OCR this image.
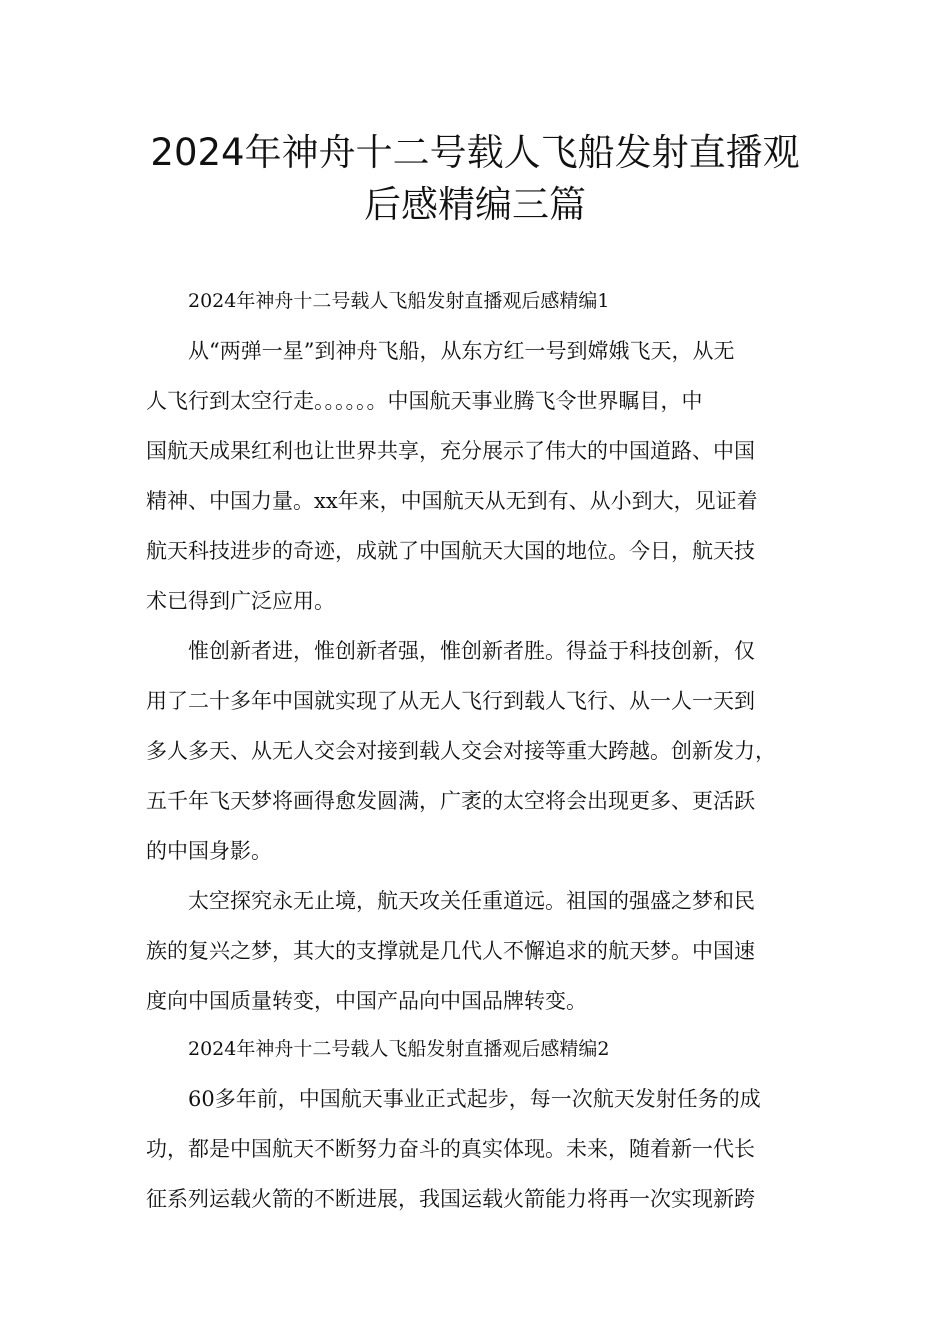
2024年神舟十二号载人飞船发射直播观
后感精编三篇
2024年神舟十二号载人飞船发射直播观后感精编1
从“两弹一星”到神舟飞船，从东方红一号到嫦娥飞天，从无
人飞行到太空行走。。。。。。中国航天事业腾飞令世界瞩目，中
国航天成果红利也让世界共享，充分展示了伟大的中国道路、中国
精神、中国力量。xx年来，中国航天从无到有、从小到大，见证着
航天科技进步的奇迹，成就了中国航天大国的地位。今日，航天技
术已得到广泛应用。
惟创新者进，惟创新者强，惟创新者胜。得益于科技创新，仅
用了二十多年中国就实现了从无人飞行到载人飞行、从一人一天到
多人多天、从无人交会对接到载人交会对接等重大跨越。创新发力，
五千年飞天梦将画得愈发圆满，广袤的太空将会出现更多、更活跃
的中国身影。
太空探究永无止境，航天攻关任重道远。祖国的强盛之梦和民
族的复兴之梦，其大的支撑就是几代人不懈追求的航天梦。中国速
度向中国质量转变，中国产品向中国品牌转变。
2024年神舟十二号载人飞船发射直播观后感精编2
60多年前，中国航天事业正式起步，每一次航天发射任务的成
功，都是中国航天不断努力奋斗的真实体现。未来，随着新一代长
征系列运载火箭的不断进展，我国运载火箭能力将再一次实现新跨
